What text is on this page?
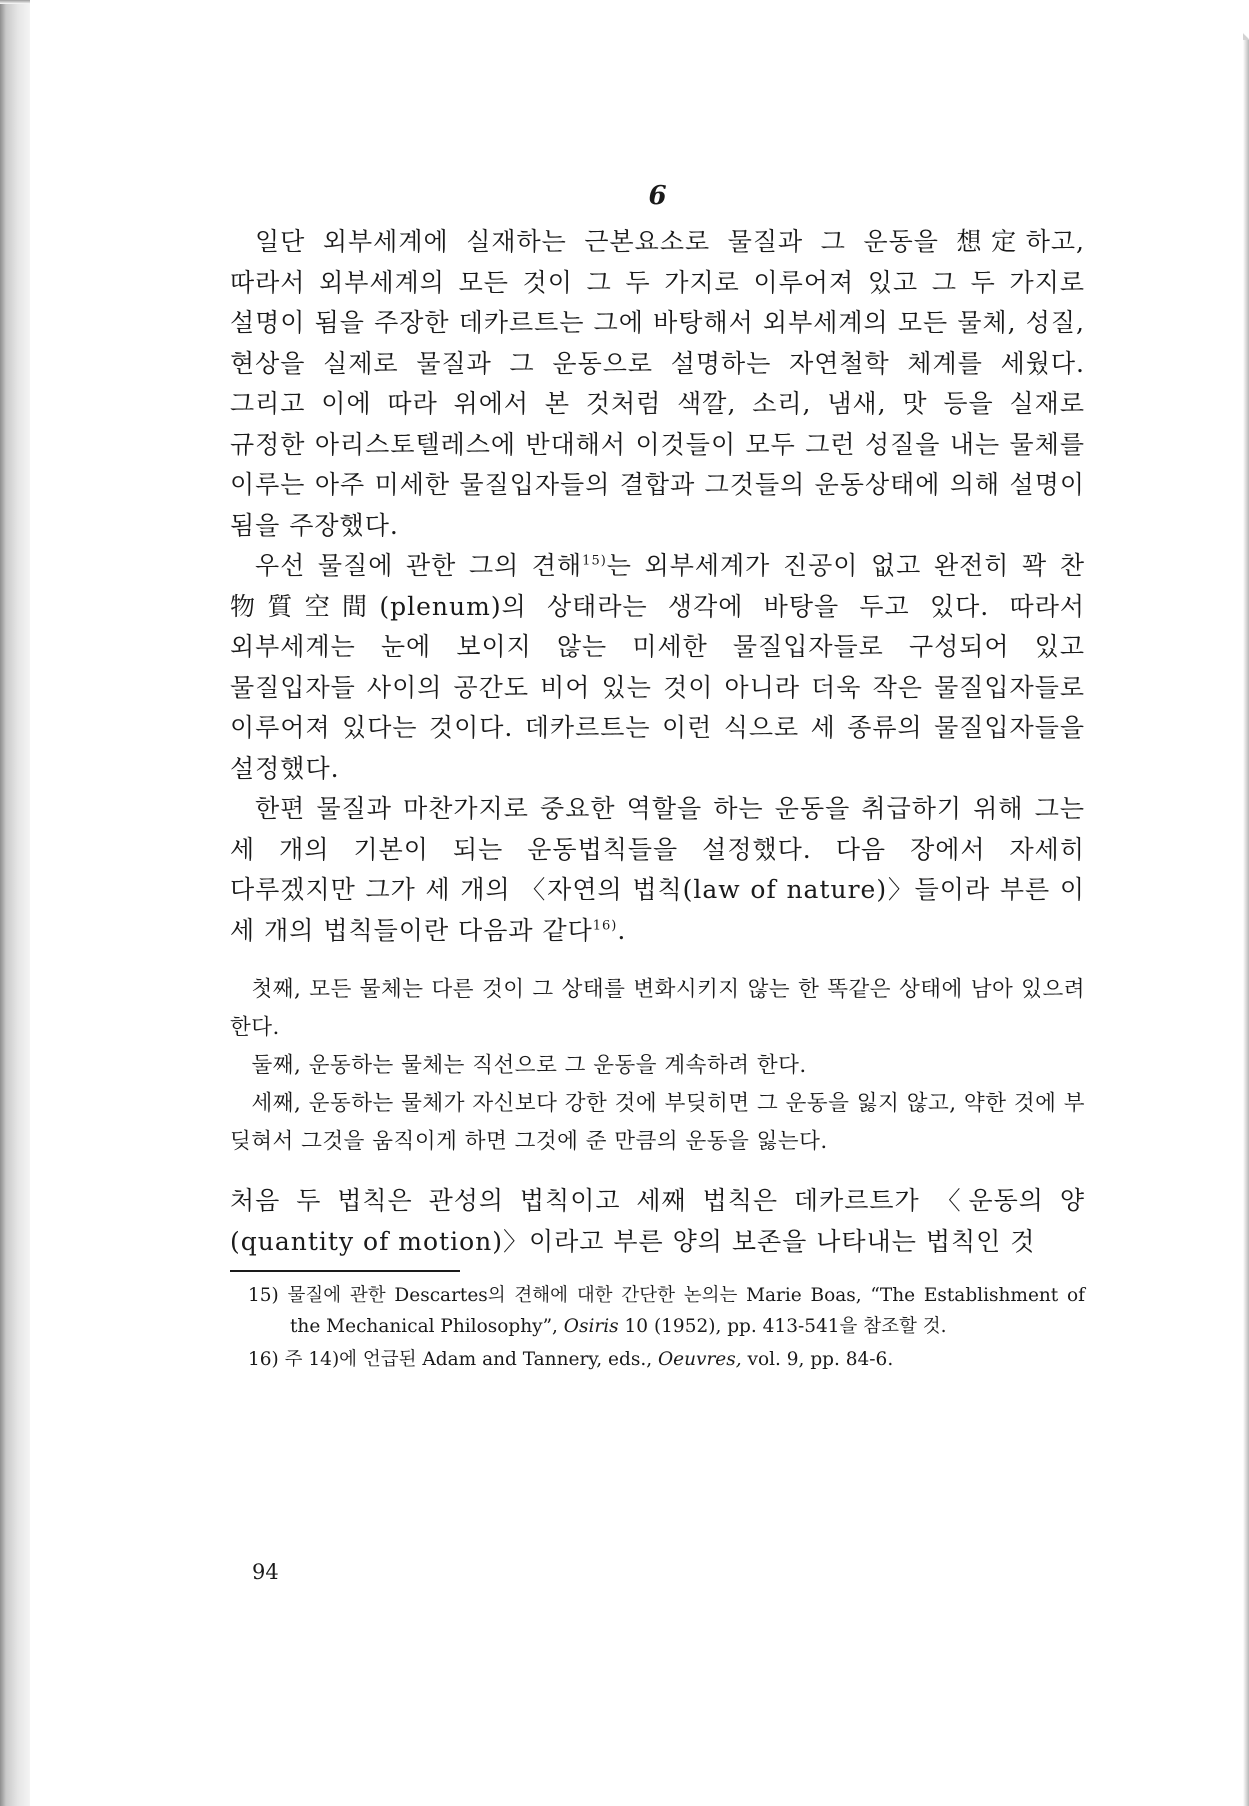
6

일단 외부세계에 실재하는 근본요소로 물질과 그 운동을 想定하고, 따라서 외부세계의 모든 것이 그 두 가지로 이루어져 있고 그 두 가지로 설명이 됨을 주장한 데카르트는 그에 바탕해서 외부세계의 모든 물체, 성질, 현상을 실제로 물질과 그 운동으로 설명하는 자연철학 체계를 세웠다. 그리고 이에 따라 위에서 본 것처럼 색깔, 소리, 냄새, 맛 등을 실재로 규정한 아리스토텔레스에 반대해서 이것들이 모두 그런 성질을 내는 물체를 이루는 아주 미세한 물질입자들의 결합과 그것들의 운동상태에 의해 설명이 됨을 주장했다.

우선 물질에 관한 그의 견해$^{15)}$는 외부세계가 진공이 없고 완전히 꽉 찬 物質空間(plenum)의 상태라는 생각에 바탕을 두고 있다. 따라서 외부세계는 눈에 보이지 않는 미세한 물질입자들로 구성되어 있고 물질입자들 사이의 공간도 비어 있는 것이 아니라 더욱 작은 물질입자들로 이루어져 있다는 것이다. 데카르트는 이런 식으로 세 종류의 물질입자들을 설정했다.

한편 물질과 마찬가지로 중요한 역할을 하는 운동을 취급하기 위해 그는 세 개의 기본이 되는 운동법칙들을 설정했다. 다음 장에서 자세히 다루겠지만 그가 세 개의 〈자연의 법칙(law of nature)〉들이라 부른 이 세 개의 법칙들이란 다음과 같다$^{16)}$.

첫째, 모든 물체는 다른 것이 그 상태를 변화시키지 않는 한 똑같은 상태에 남아 있으려 한다.

둘째, 운동하는 물체는 직선으로 그 운동을 계속하려 한다.

세째, 운동하는 물체가 자신보다 강한 것에 부딪히면 그 운동을 잃지 않고, 약한 것에 부딪혀서 그것을 움직이게 하면 그것에 준 만큼의 운동을 잃는다.

처음 두 법칙은 관성의 법칙이고 세째 법칙은 데카르트가 〈운동의 양(quantity of motion)〉이라고 부른 양의 보존을 나타내는 법칙인 것

15) 물질에 관한 Descartes의 견해에 대한 간단한 논의는 Marie Boas, “The Establishment of the Mechanical Philosophy”, Osiris 10 (1952), pp. 413-541을 참조할 것.

16) 주 14)에 언급된 Adam and Tannery, eds., Oeuvres, vol. 9, pp. 84-6.

94
